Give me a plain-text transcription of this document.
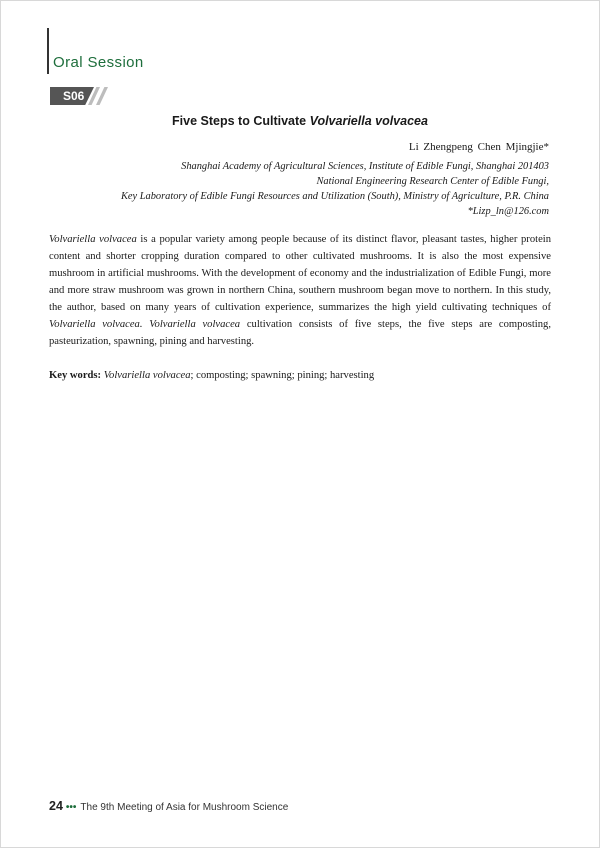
Oral Session
S06
Five Steps to Cultivate Volvariella volvacea
Li Zhengpeng Chen Mjingjie*
Shanghai Academy of Agricultural Sciences, Institute of Edible Fungi, Shanghai 201403
National Engineering Research Center of Edible Fungi,
Key Laboratory of Edible Fungi Resources and Utilization (South), Ministry of Agriculture, P.R. China
*Lizp_ln@126.com
Volvariella volvacea is a popular variety among people because of its distinct flavor, pleasant tastes, higher protein content and shorter cropping duration compared to other cultivated mushrooms. It is also the most expensive mushroom in artificial mushrooms. With the development of economy and the industrialization of Edible Fungi, more and more straw mushroom was grown in northern China, southern mushroom began move to northern. In this study, the author, based on many years of cultivation experience, summarizes the high yield cultivating techniques of Volvariella volvacea. Volvariella volvacea cultivation consists of five steps, the five steps are composting, pasteurization, spawning, pining and harvesting.
Key words: Volvariella volvacea; composting; spawning; pining; harvesting
24 ••• The 9th Meeting of Asia for Mushroom Science
